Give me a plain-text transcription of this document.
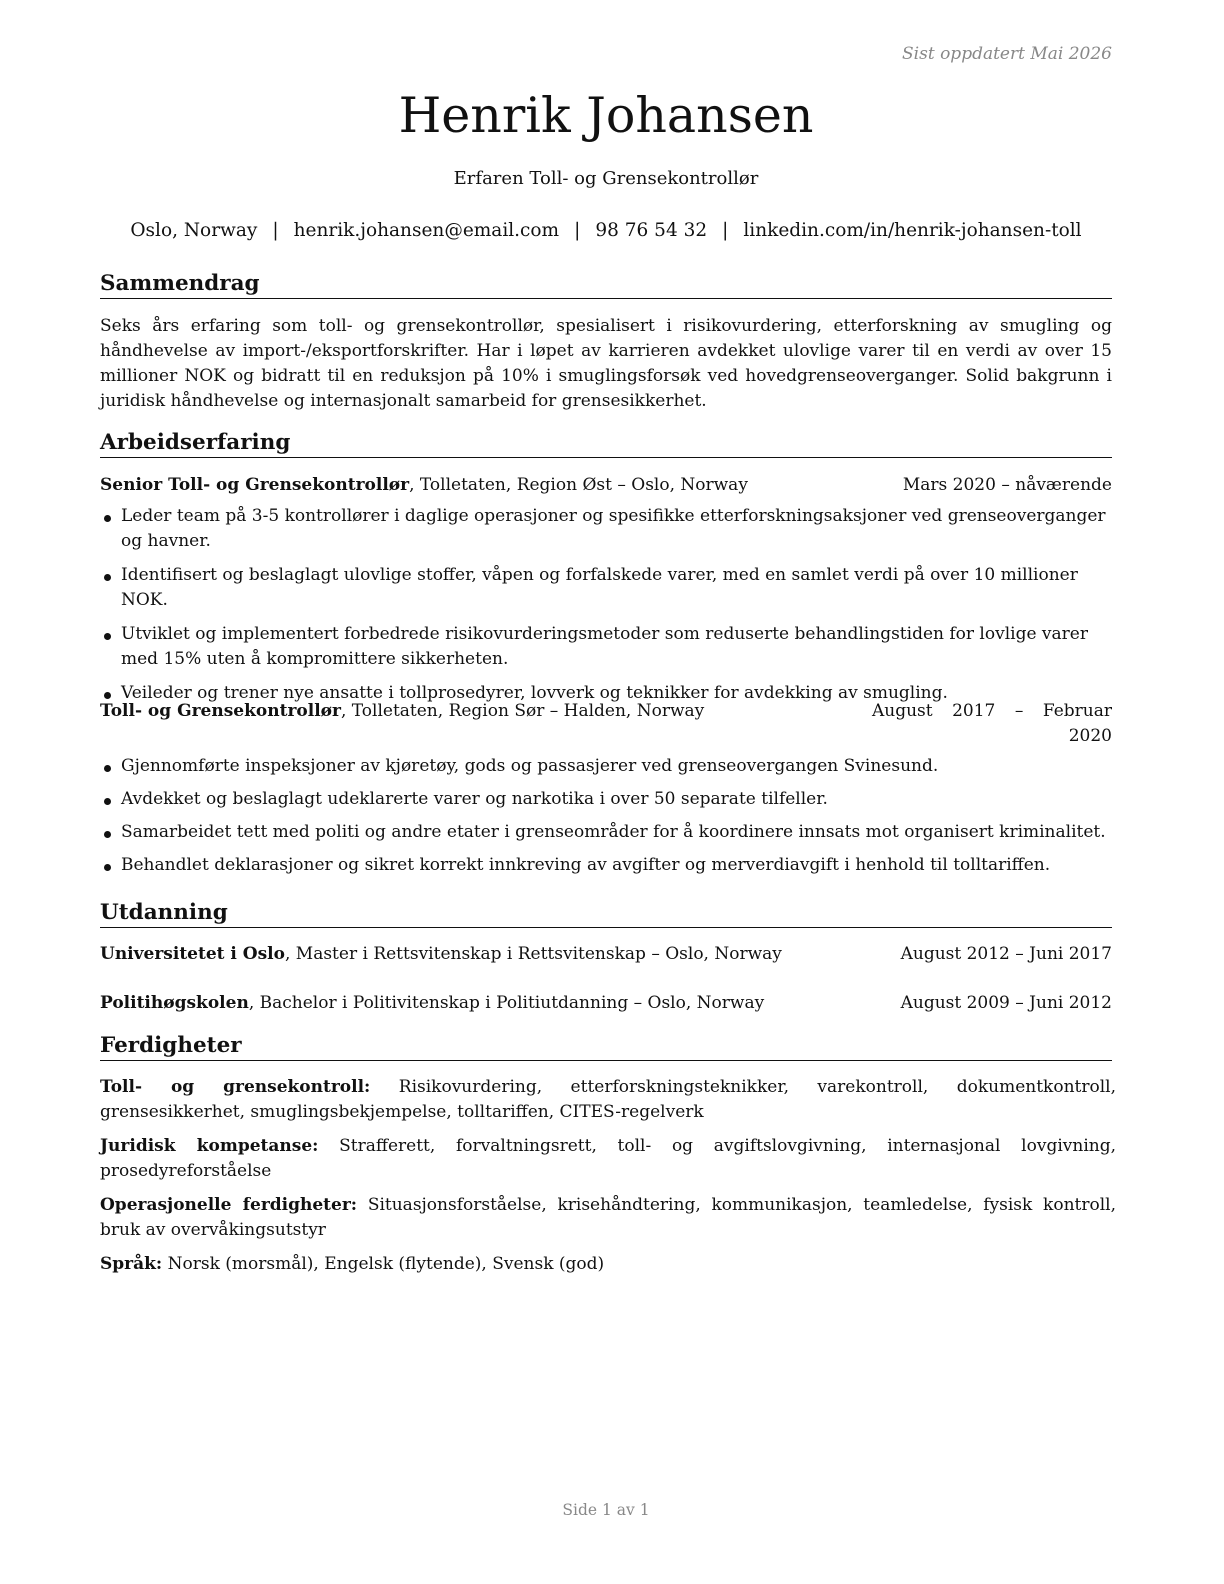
Sist oppdatert Mai 2026
Henrik Johansen
Erfaren Toll- og Grensekontrollør
Oslo, Norway | henrik.johansen@email.com | 98 76 54 32 | linkedin.com/in/henrik-johansen-toll
Sammendrag
Seks års erfaring som toll- og grensekontrollør, spesialisert i risikovurdering, etterforskning av smugling og håndhevelse av import-/eksportforskrifter. Har i løpet av karrieren avdekket ulovlige varer til en verdi av over 15 millioner NOK og bidratt til en reduksjon på 10% i smuglingsforsøk ved hovedgrenseoverganger. Solid bakgrunn i juridisk håndhevelse og internasjonalt samarbeid for grensesikkerhet.
Arbeidserfaring
Senior Toll- og Grensekontrollør, Tolletaten, Region Øst – Oslo, Norway	Mars 2020 – nåværende
Leder team på 3-5 kontrollører i daglige operasjoner og spesifikke etterforskningsaksjoner ved grenseoverganger og havner.
Identifisert og beslaglagt ulovlige stoffer, våpen og forfalskede varer, med en samlet verdi på over 10 millioner NOK.
Utviklet og implementert forbedrede risikovurderingsmetoder som reduserte behandlingstiden for lovlige varer med 15% uten å kompromittere sikkerheten.
Veileder og trener nye ansatte i tollprosedyrer, lovverk og teknikker for avdekking av smugling.
Toll- og Grensekontrollør, Tolletaten, Region Sør – Halden, Norway	August 2017 – Februar 2020
Gjennomførte inspeksjoner av kjøretøy, gods og passasjerer ved grenseovergangen Svinesund.
Avdekket og beslaglagt udeklarerte varer og narkotika i over 50 separate tilfeller.
Samarbeidet tett med politi og andre etater i grenseområder for å koordinere innsats mot organisert kriminalitet.
Behandlet deklarasjoner og sikret korrekt innkreving av avgifter og merverdiavgift i henhold til tolltariffen.
Utdanning
Universitetet i Oslo, Master i Rettsvitenskap i Rettsvitenskap – Oslo, Norway	August 2012 – Juni 2017
Politihøgskolen, Bachelor i Politivitenskap i Politiutdanning – Oslo, Norway	August 2009 – Juni 2012
Ferdigheter
Toll- og grensekontroll: Risikovurdering, etterforskningsteknikker, varekontroll, dokumentkontroll, grensesikkerhet, smuglingsbekjempelse, tolltariffen, CITES-regelverk
Juridisk kompetanse: Strafferett, forvaltningsrett, toll- og avgiftslovgivning, internasjonal lovgivning, prosedyreforståelse
Operasjonelle ferdigheter: Situasjonsforståelse, krisehåndtering, kommunikasjon, teamledelse, fysisk kontroll, bruk av overvåkingsutstyr
Språk: Norsk (morsmål), Engelsk (flytende), Svensk (god)
Side 1 av 1
